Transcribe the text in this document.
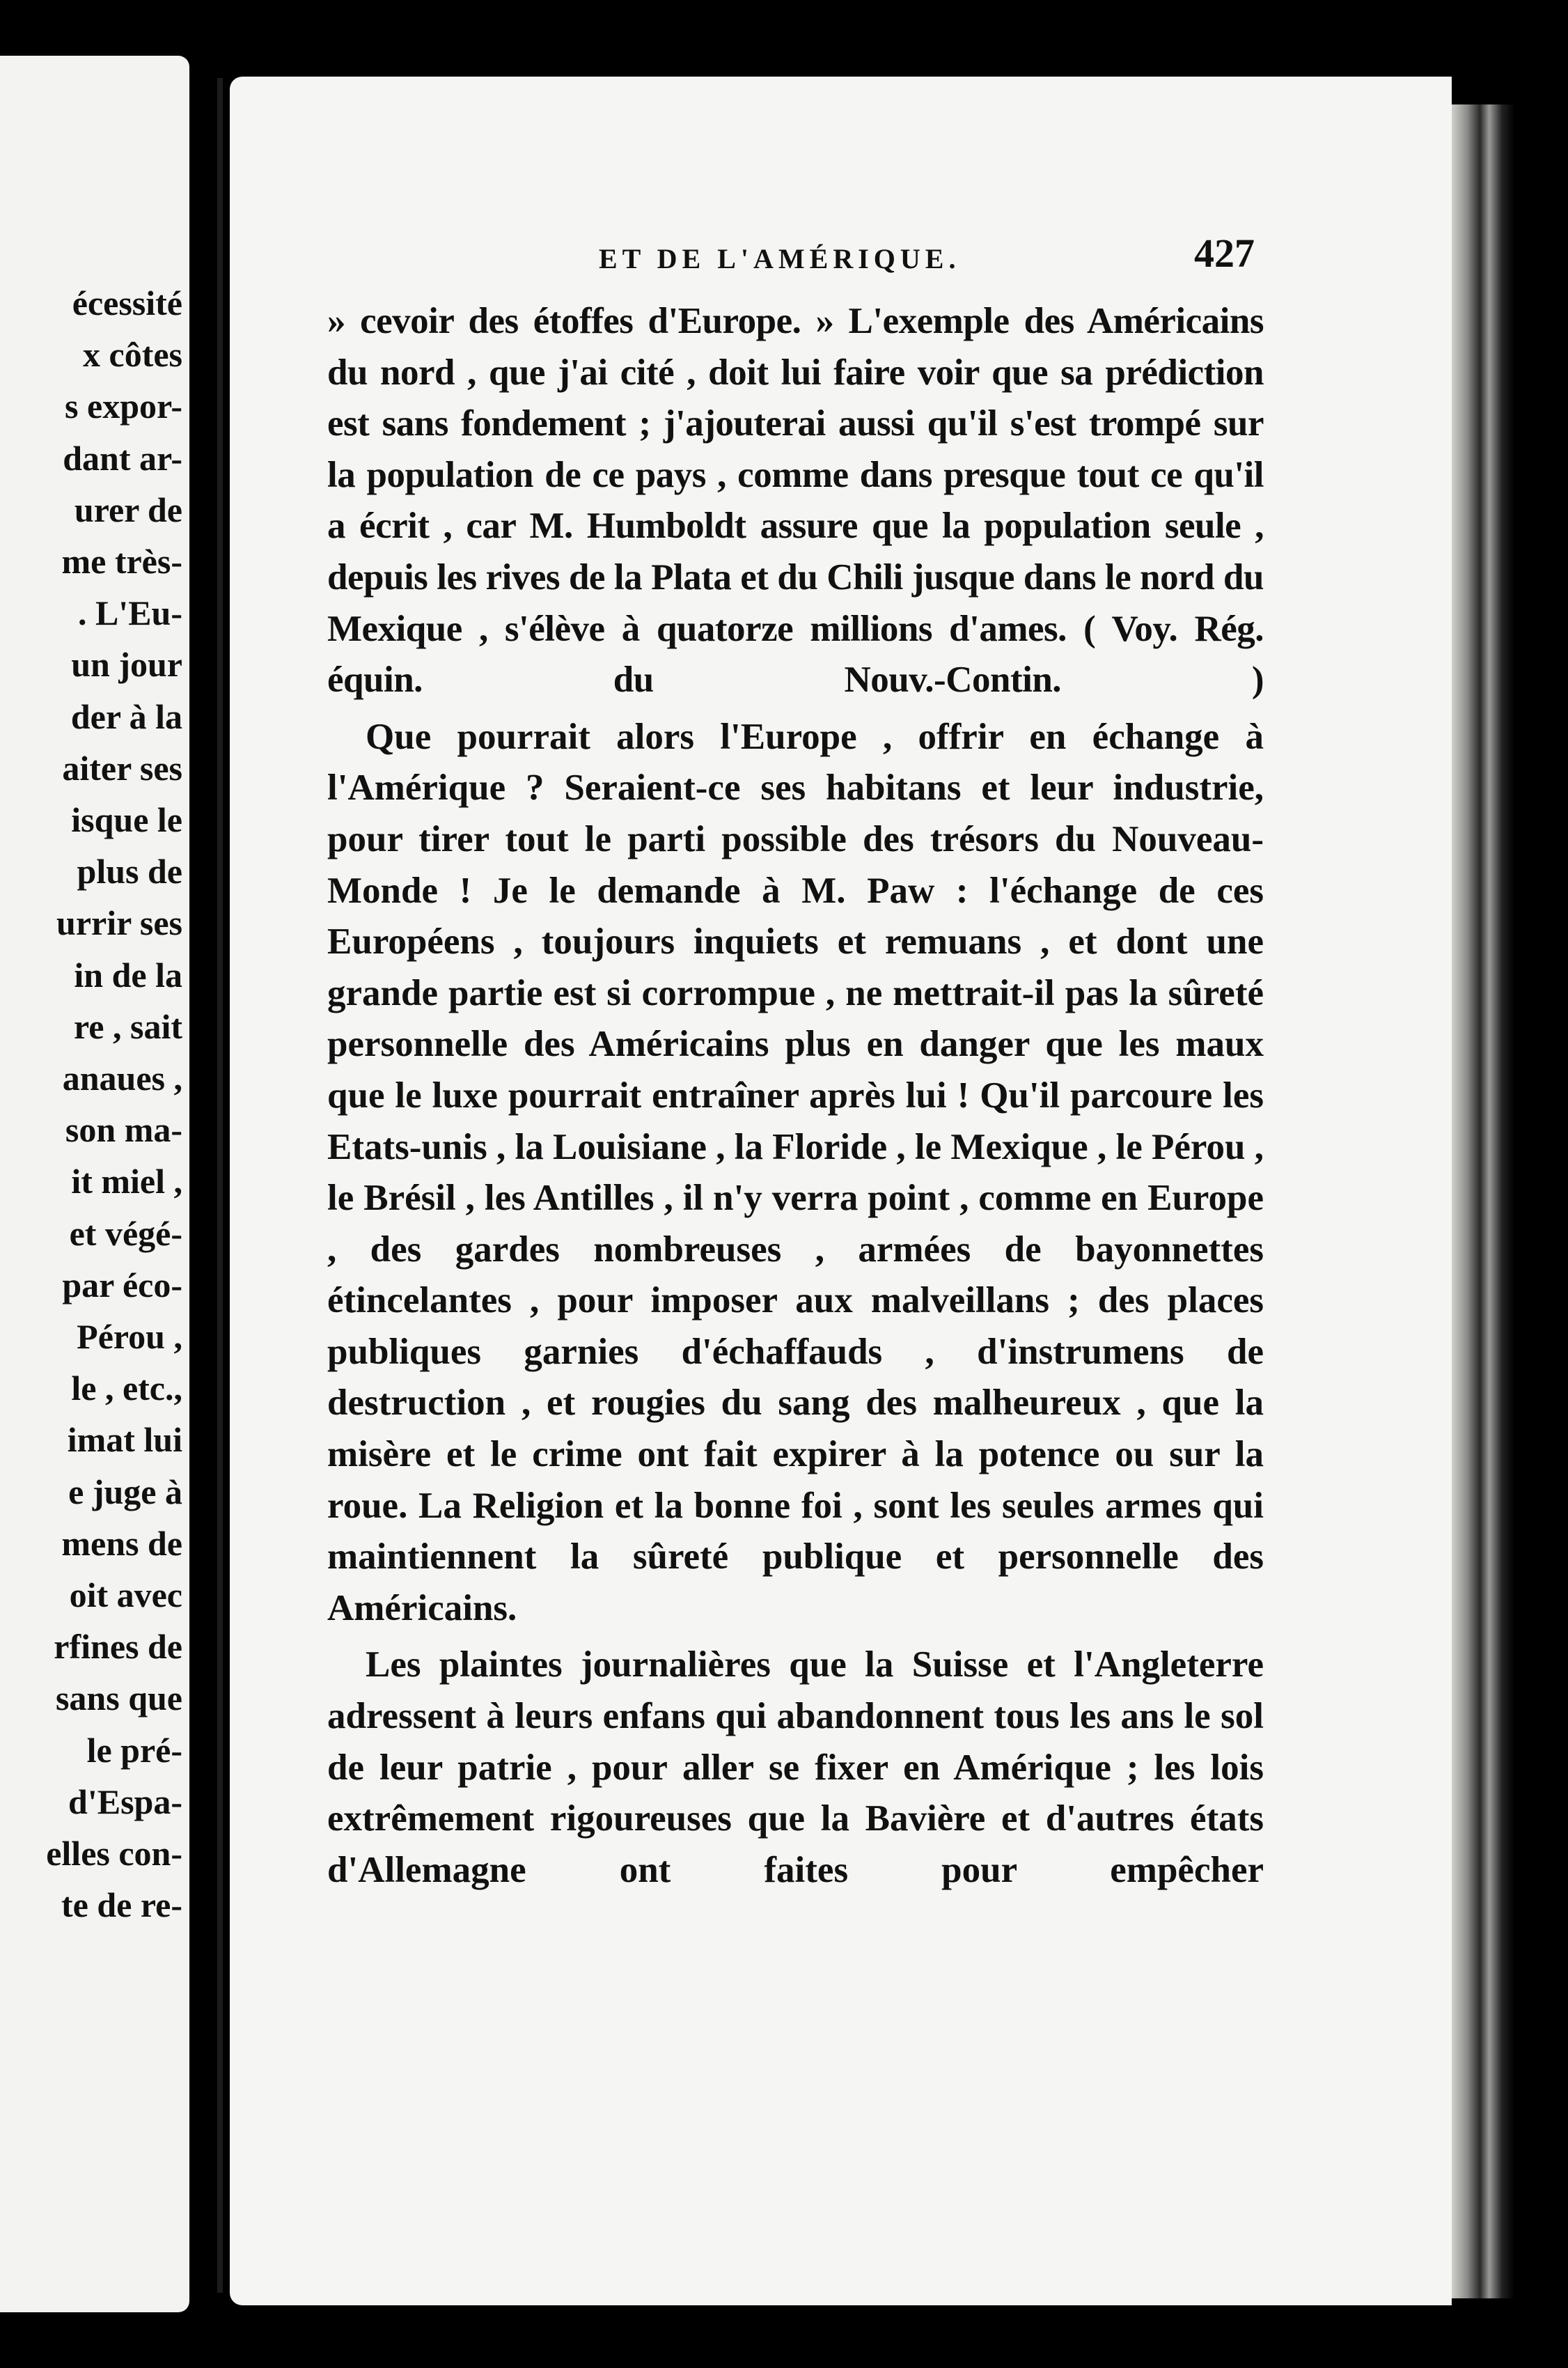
écessité
x côtes
s expor-
dant ar-
urer de
me très-
. L'Eu-
un jour
der à la
aiter ses
isque le
plus de
urrir ses
in de la
re , sait
anaues ,
son ma-
it miel ,
et végé-
par éco-
Pérou ,
le , etc.,
imat lui
e juge à
mens de
oit avec
rfines de
sans que
le pré-
d'Espa-
elles con-
te de re-
ET DE L'AMÉRIQUE.	427

» cevoir des étoffes d'Europe. » L'exemple des Américains du nord , que j'ai cité , doit lui faire voir que sa prédiction est sans fondement ; j'ajouterai aussi qu'il s'est trompé sur la population de ce pays , comme dans presque tout ce qu'il a écrit , car M. Humboldt assure que la population seule , depuis les rives de la Plata et du Chili jusque dans le nord du Mexique , s'élève à quatorze millions d'ames. ( Voy. Rég. équin. du Nouv.-Contin. )

Que pourrait alors l'Europe , offrir en échange à l'Amérique ? Seraient-ce ses habitans et leur industrie, pour tirer tout le parti possible des trésors du Nouveau-Monde ! Je le demande à M. Paw : l'échange de ces Européens , toujours inquiets et remuans , et dont une grande partie est si corrompue , ne mettrait-il pas la sûreté personnelle des Américains plus en danger que les maux que le luxe pourrait entraîner après lui ! Qu'il parcoure les Etats-unis , la Louisiane , la Floride , le Mexique , le Pérou , le Brésil , les Antilles , il n'y verra point , comme en Europe , des gardes nombreuses , armées de bayonnettes étincelantes , pour imposer aux malveillans ; des places publiques garnies d'échaffauds , d'instrumens de destruction , et rougies du sang des malheureux , que la misère et le crime ont fait expirer à la potence ou sur la roue. La Religion et la bonne foi , sont les seules armes qui maintiennent la sûreté publique et personnelle des Américains.

Les plaintes journalières que la Suisse et l'Angleterre adressent à leurs enfans qui abandonnent tous les ans le sol de leur patrie , pour aller se fixer en Amérique ; les lois extrêmement rigoureuses que la Bavière et d'autres états d'Allemagne ont faites pour empêcher
